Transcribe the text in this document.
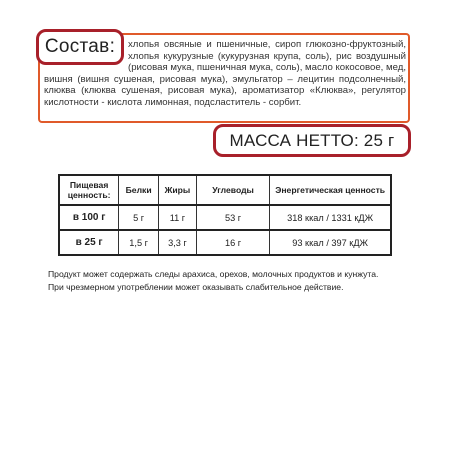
Состав:	хлопья овсяные и пшеничные, сироп глюкозно-фруктозный, хлопья кукурузные (кукурузная крупа, соль), рис воздушный (рисовая мука, пшеничная мука, соль), масло кокосовое, мед, вишня (вишня сушеная, рисовая мука), эмульгатор – лецитин подсолнечный, клюква (клюква сушеная, рисовая мука), ароматизатор «Клюква», регулятор кислотности - кислота лимонная, подсластитель - сорбит.
МАССА НЕТТО: 25 г
Пищевая ценность:	Белки	Жиры	Углеводы	Энергетическая ценность
в 100 г	5 г	11 г	53 г	318 ккал / 1331 кДЖ
в 25 г	1,5 г	3,3 г	16 г	93 ккал / 397 кДЖ
Продукт может содержать следы арахиса, орехов, молочных продуктов и кунжута.
При чрезмерном употреблении может оказывать слабительное действие.
